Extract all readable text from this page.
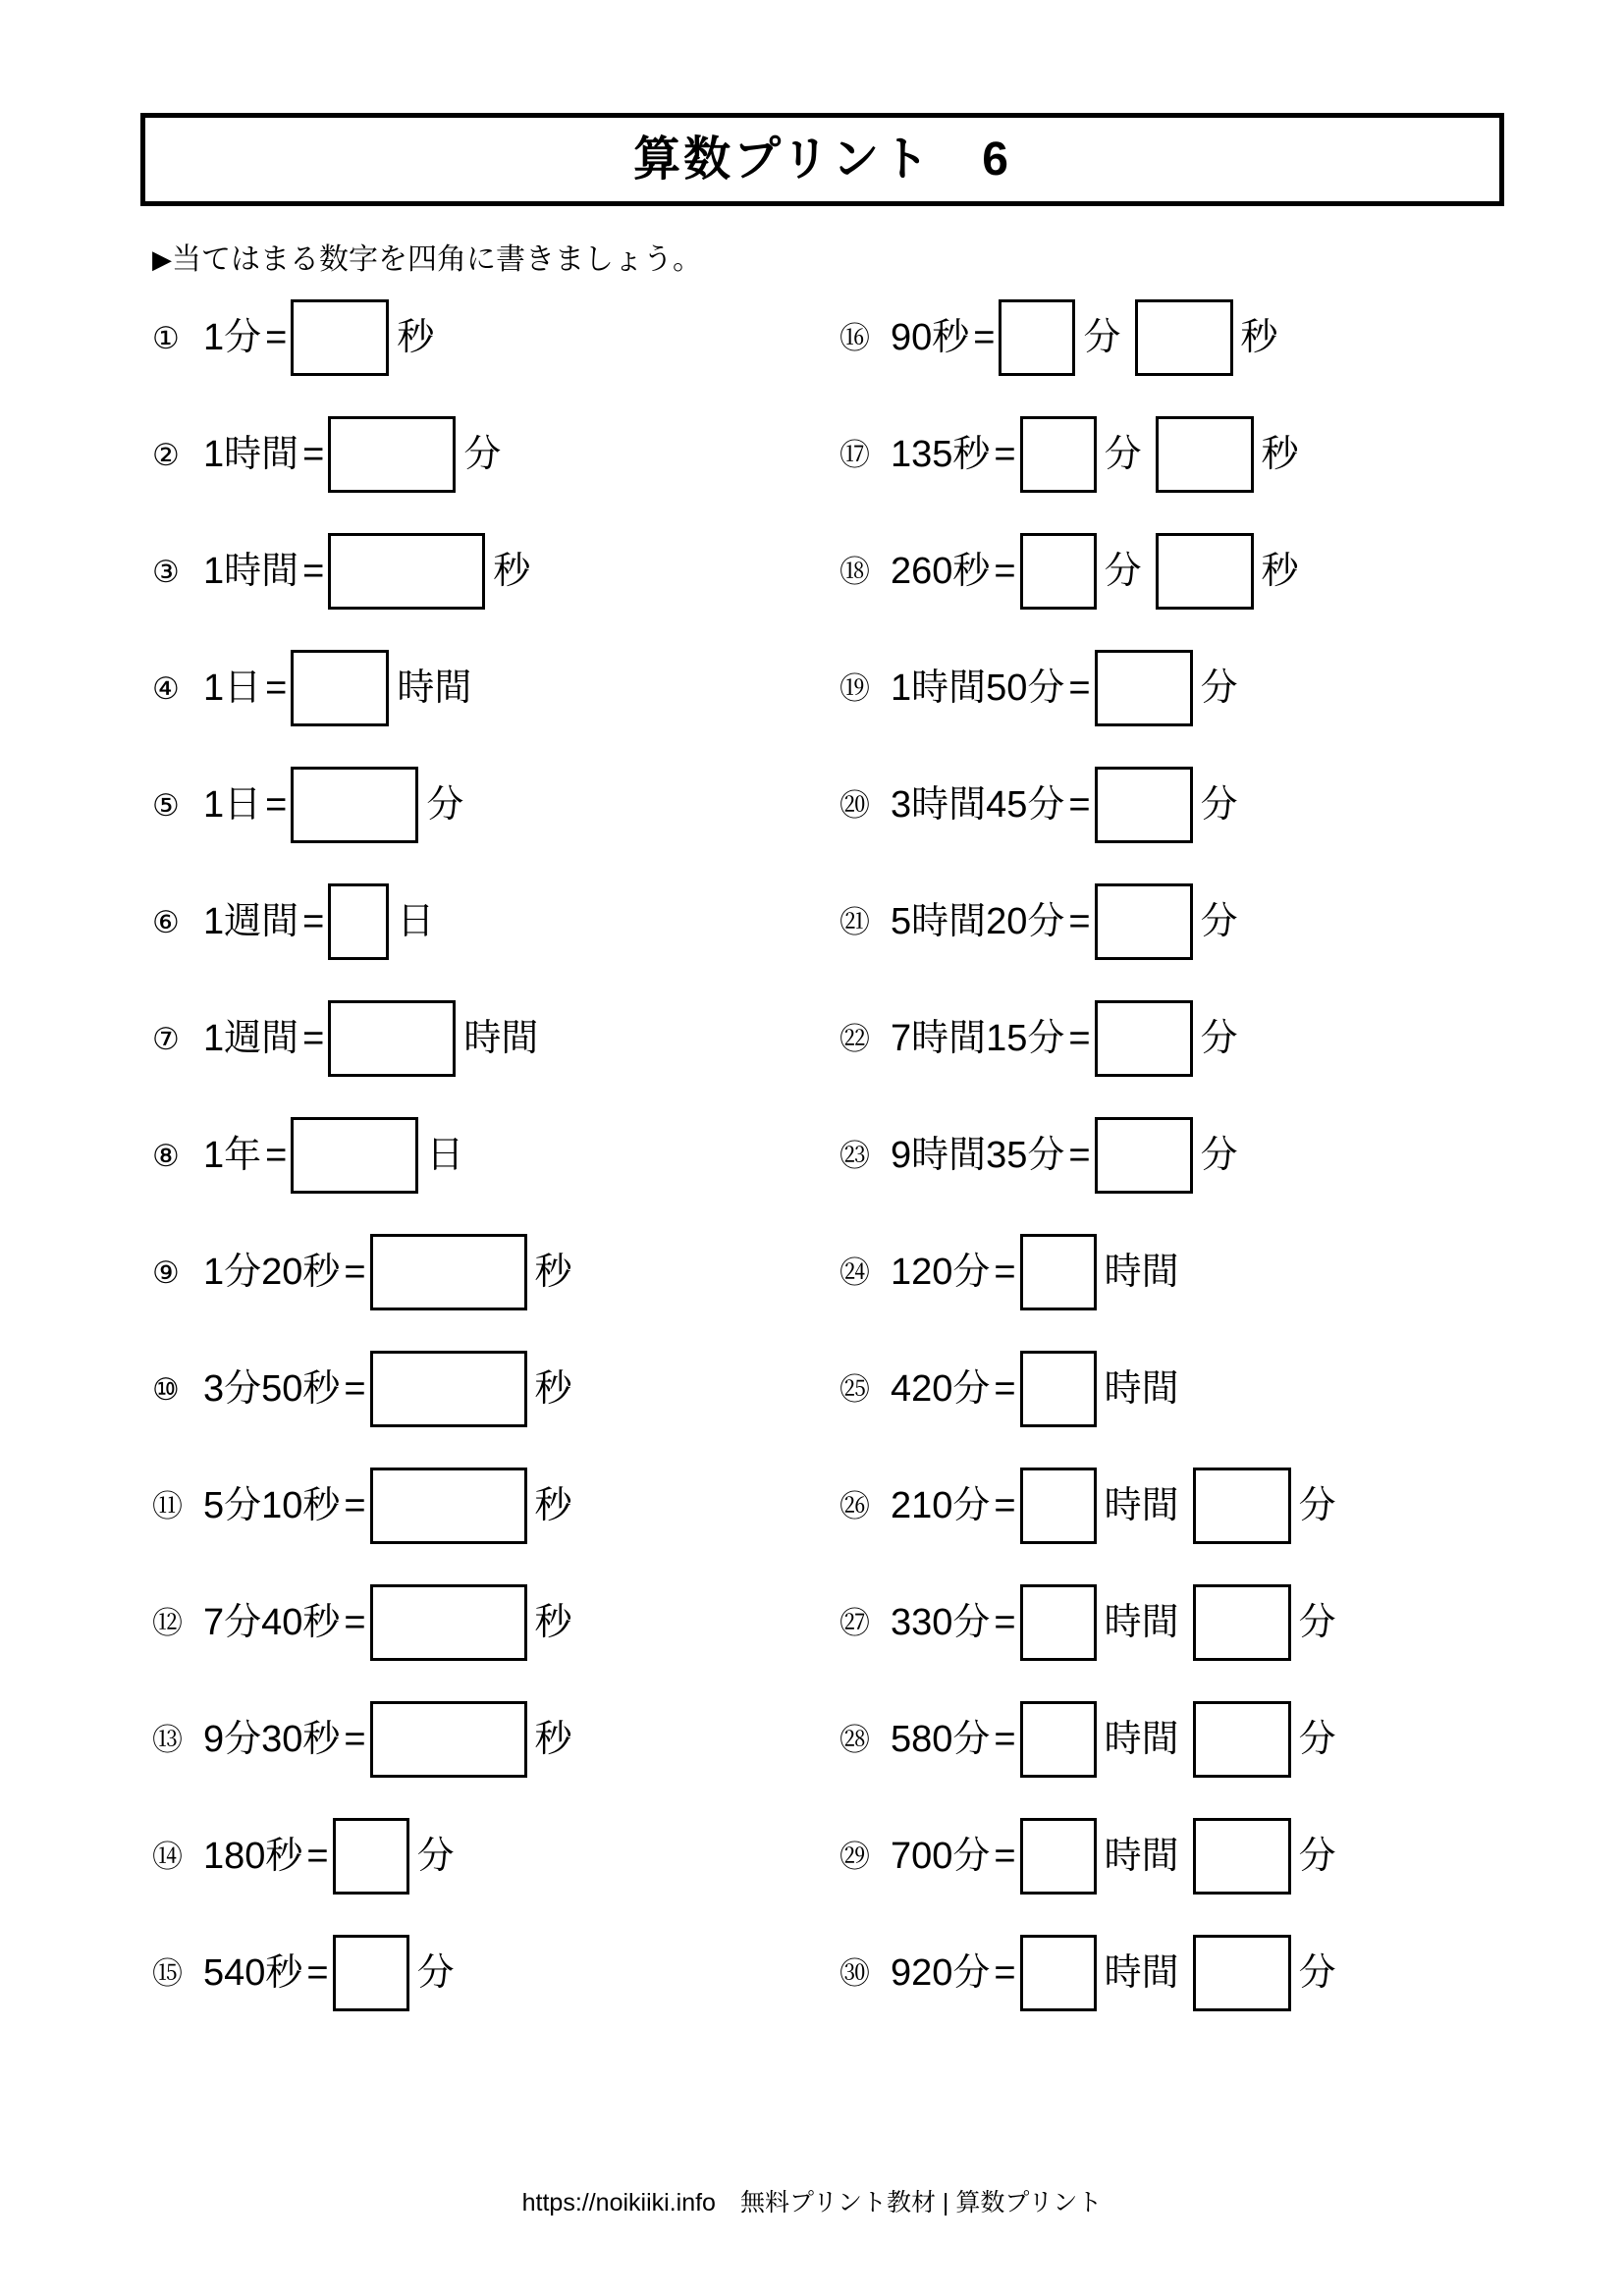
算数プリント　6
▶当てはまる数字を四角に書きましょう。
① 1分 =	秒
② 1時間 =	分
③ 1時間 =	秒
④ 1日 =	時間
⑤ 1日 =	分
⑥ 1週間 = 日
⑦ 1週間 =	時間
⑧ 1年 =	日
⑨ 1分20秒 =	秒
⑩ 3分50秒 =	秒
⑪ 5分10秒 =	秒
⑫ 7分40秒 =	秒
⑬ 9分30秒 =	秒
⑭ 180秒 = 分
⑮ 540秒 = 分
⑯ 90秒 = 分	秒
⑰ 135秒 = 分	秒
⑱ 260秒 = 分	秒
⑲ 1時間50分 =	分
⑳ 3時間45分 =	分
㉑ 5時間20分 =	分
㉒ 7時間15分 =	分
㉓ 9時間35分 =	分
㉔ 120分 = 時間
㉕ 420分 = 時間
㉖ 210分 = 時間	分
㉗ 330分 = 時間	分
㉘ 580分 = 時間	分
㉙ 700分 = 時間	分
㉚ 920分 = 時間	分
https://noikiiki.info　無料プリント教材 | 算数プリント
